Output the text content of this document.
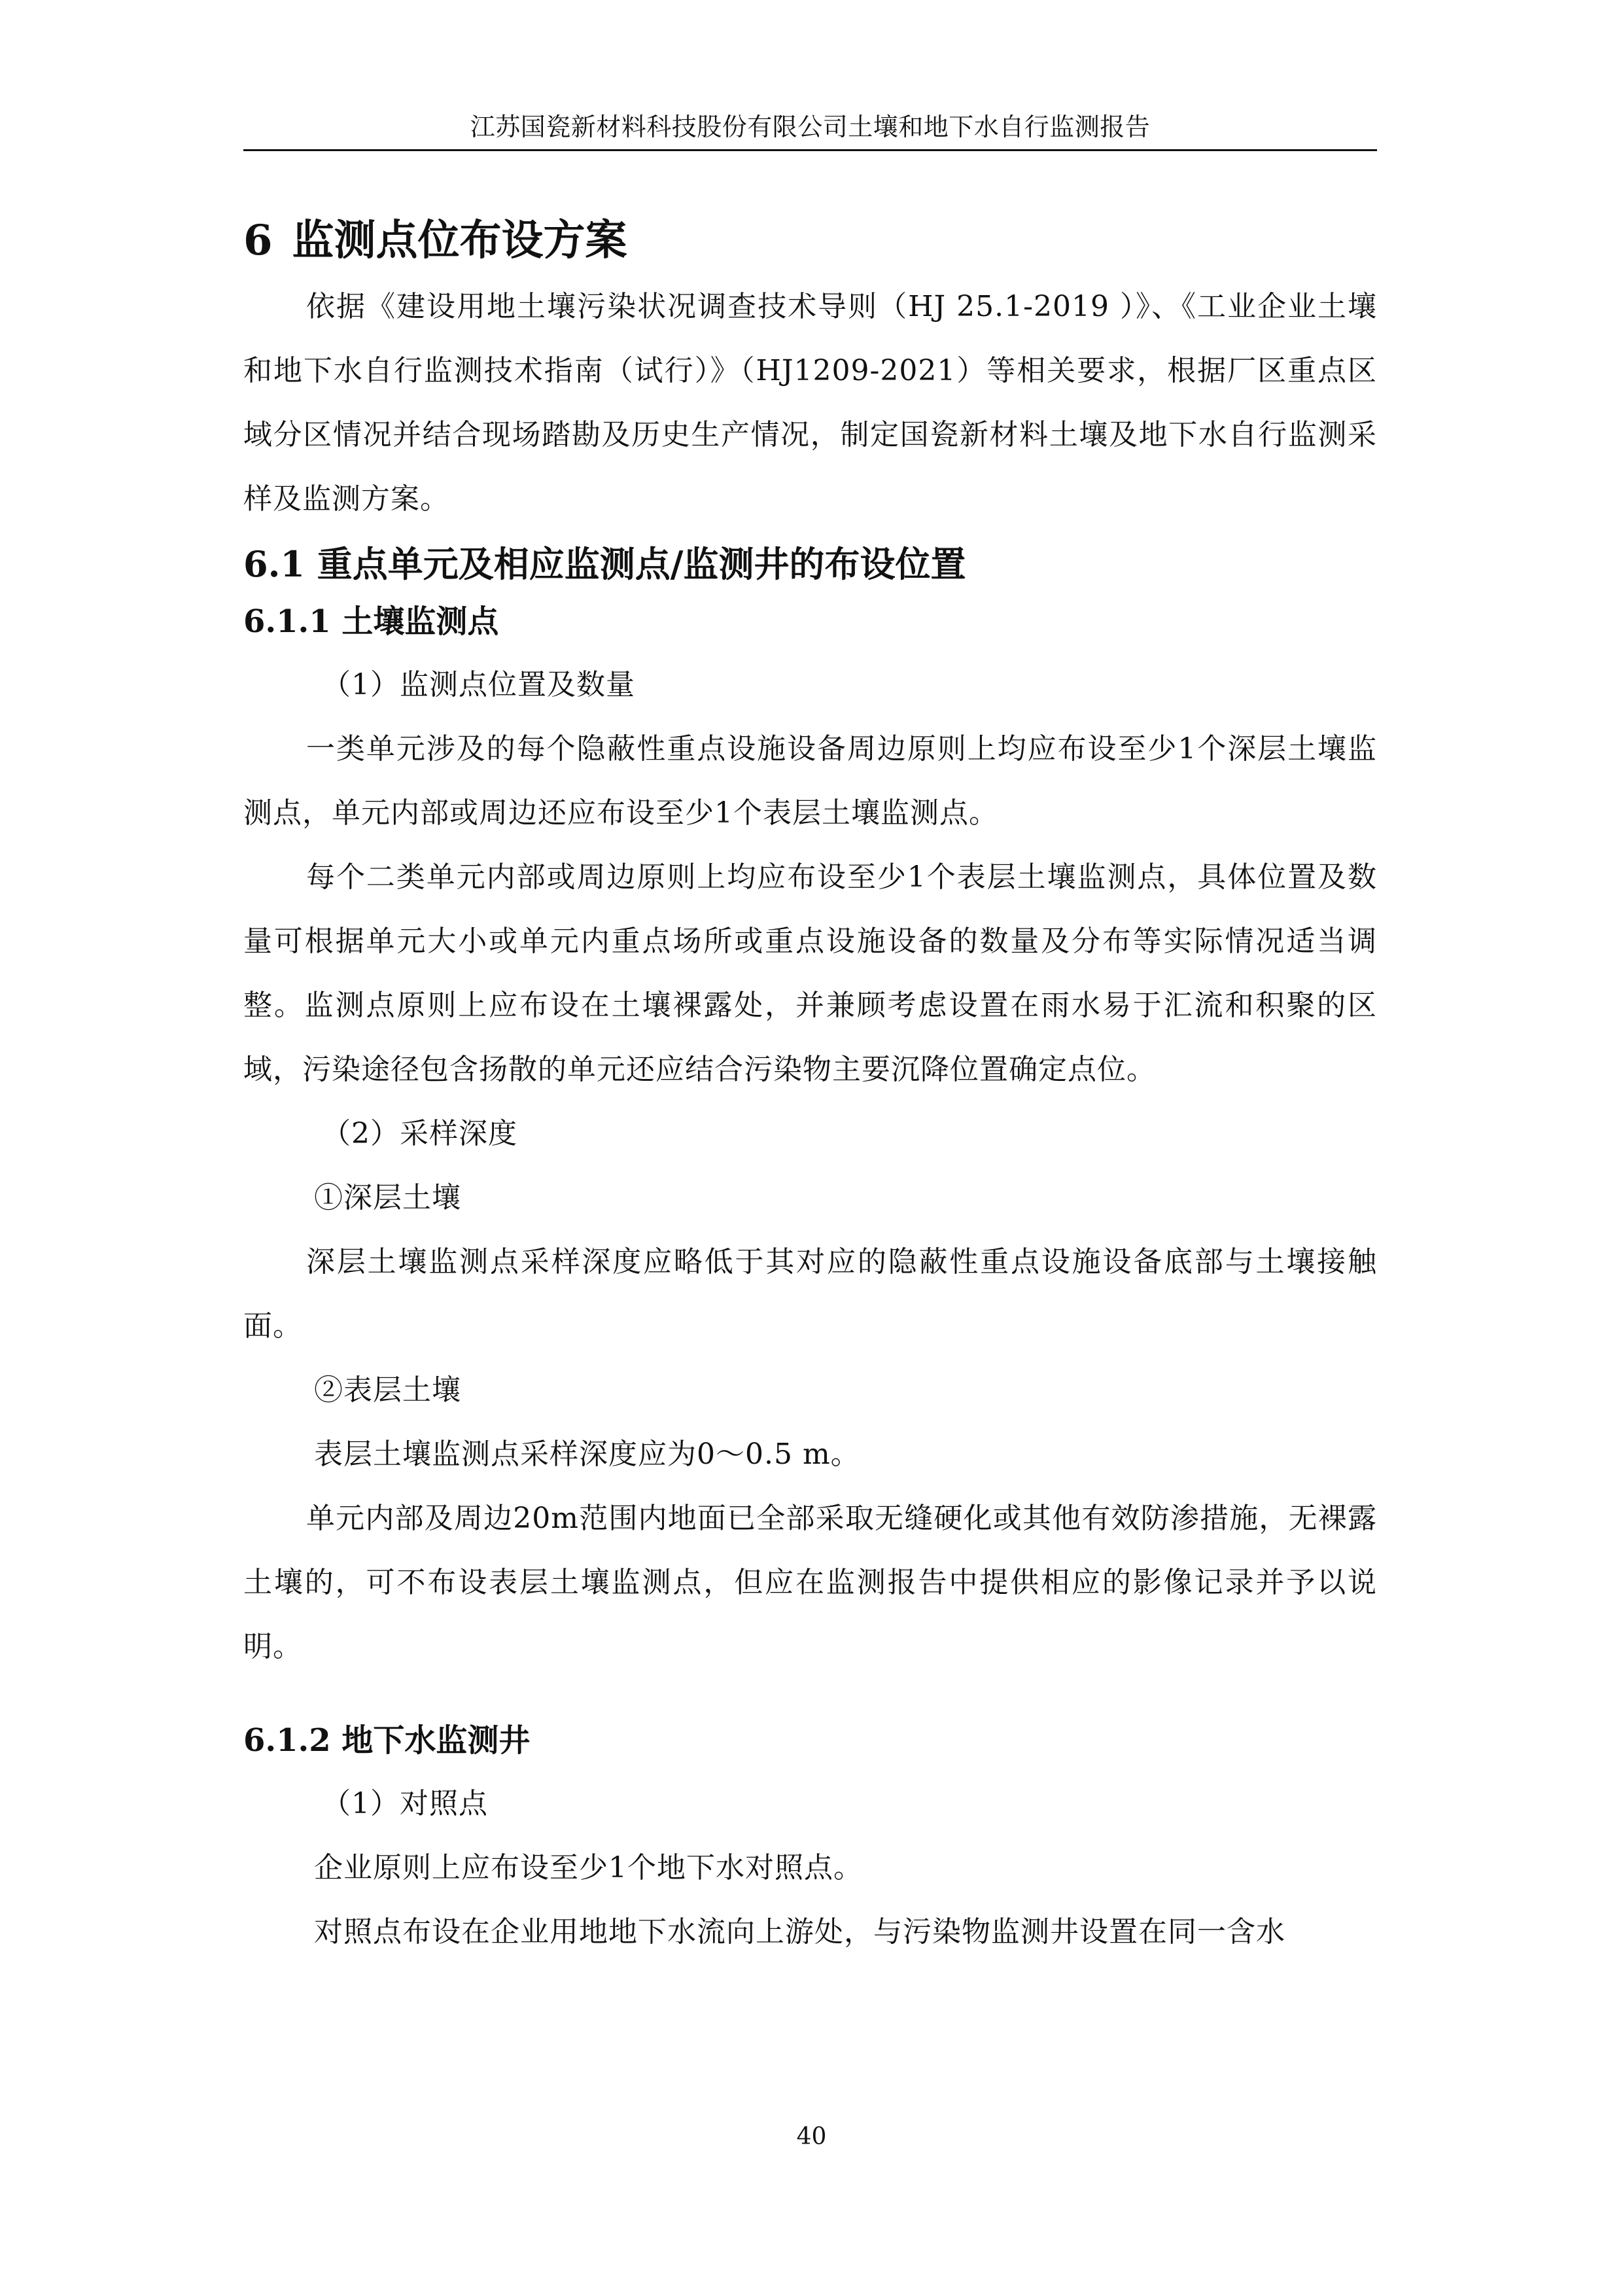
江苏国瓷新材料科技股份有限公司土壤和地下水自行监测报告
6 监测点位布设方案

依据《建设用地土壤污染状况调查技术导则（HJ 25.1-2019 ）》、《工业企业土壤和地下水自行监测技术指南（试行）》（HJ1209-2021）等相关要求，根据厂区重点区域分区情况并结合现场踏勘及历史生产情况，制定国瓷新材料土壤及地下水自行监测采样及监测方案。

6.1 重点单元及相应监测点/监测井的布设位置
6.1.1 土壤监测点

（1）监测点位置及数量

一类单元涉及的每个隐蔽性重点设施设备周边原则上均应布设至少1个深层土壤监测点，单元内部或周边还应布设至少1个表层土壤监测点。

每个二类单元内部或周边原则上均应布设至少1个表层土壤监测点，具体位置及数量可根据单元大小或单元内重点场所或重点设施设备的数量及分布等实际情况适当调整。监测点原则上应布设在土壤裸露处，并兼顾考虑设置在雨水易于汇流和积聚的区域，污染途径包含扬散的单元还应结合污染物主要沉降位置确定点位。

（2）采样深度

①深层土壤

深层土壤监测点采样深度应略低于其对应的隐蔽性重点设施设备底部与土壤接触面。

②表层土壤

表层土壤监测点采样深度应为0～0.5 m。

单元内部及周边20m范围内地面已全部采取无缝硬化或其他有效防渗措施，无裸露土壤的，可不布设表层土壤监测点，但应在监测报告中提供相应的影像记录并予以说明。

6.1.2 地下水监测井

（1）对照点

企业原则上应布设至少1个地下水对照点。

对照点布设在企业用地地下水流向上游处，与污染物监测井设置在同一含水

40
